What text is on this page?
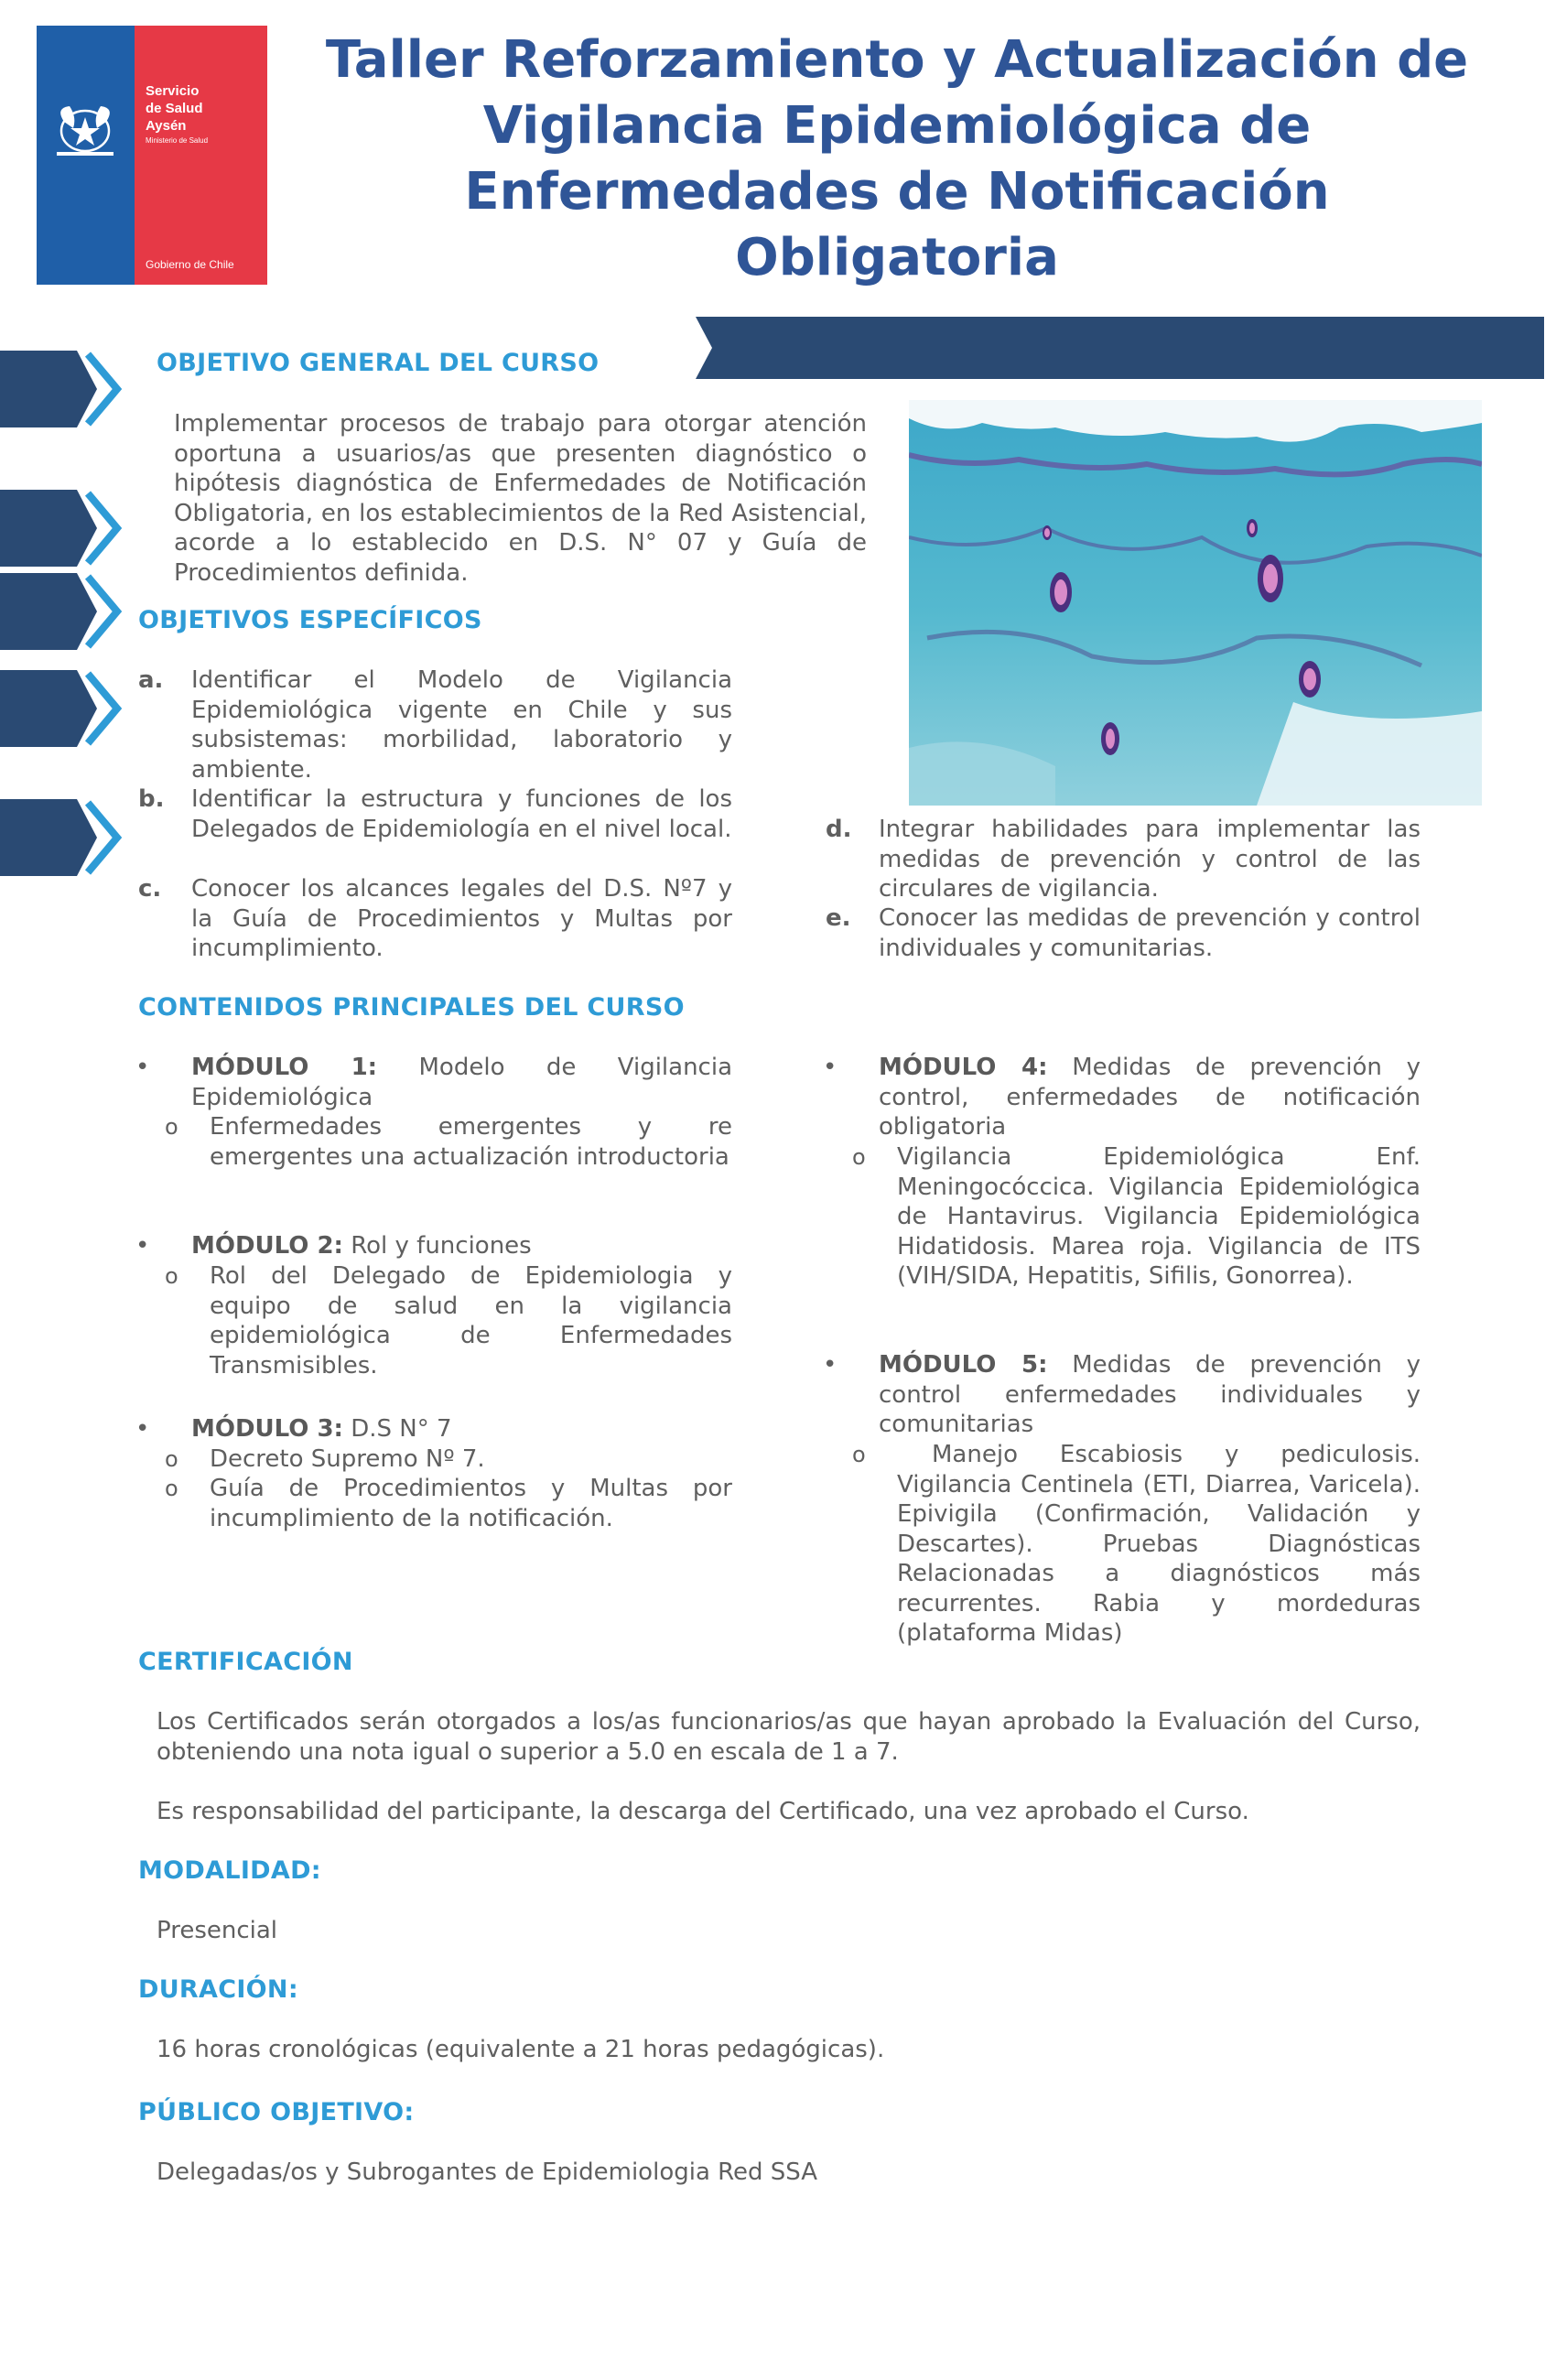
Servicio
de Salud
Aysén
Ministerio de Salud
Gobierno de Chile
Taller Reforzamiento y Actualización de
Vigilancia Epidemiológica de
Enfermedades de Notificación
Obligatoria
OBJETIVO GENERAL DEL CURSO
Implementar procesos de trabajo para otorgar atención oportuna a usuarios/as que presenten diagnóstico o hipótesis diagnóstica de Enfermedades de Notificación Obligatoria, en los establecimientos de la Red Asistencial, acorde a lo establecido en D.S. N° 07 y Guía de Procedimientos definida.
OBJETIVOS ESPECÍFICOS
a. Identificar el Modelo de Vigilancia Epidemiológica vigente en Chile y sus subsistemas: morbilidad, laboratorio y ambiente.
b. Identificar la estructura y funciones de los Delegados de Epidemiología en el nivel local.
c. Conocer los alcances legales del D.S. Nº7 y la Guía de Procedimientos y Multas por incumplimiento.
d. Integrar habilidades para implementar las medidas de prevención y control de las circulares de vigilancia.
e. Conocer las medidas de prevención y control individuales y comunitarias.
CONTENIDOS PRINCIPALES DEL CURSO
• MÓDULO 1: Modelo de Vigilancia Epidemiológica
o Enfermedades emergentes y re emergentes una actualización introductoria
• MÓDULO 2: Rol y funciones
o Rol del Delegado de Epidemiologia y equipo de salud en la vigilancia epidemiológica de Enfermedades Transmisibles.
• MÓDULO 3: D.S N° 7
o Decreto Supremo Nº 7.
o Guía de Procedimientos y Multas por incumplimiento de la notificación.
• MÓDULO 4: Medidas de prevención y control, enfermedades de notificación obligatoria
o Vigilancia Epidemiológica Enf. Meningocóccica. Vigilancia Epidemiológica de Hantavirus. Vigilancia Epidemiológica Hidatidosis. Marea roja. Vigilancia de ITS (VIH/SIDA, Hepatitis, Sifilis, Gonorrea).
• MÓDULO 5: Medidas de prevención y control enfermedades individuales y comunitarias
o	Manejo Escabiosis y pediculosis. Vigilancia Centinela (ETI, Diarrea, Varicela). Epivigila (Confirmación, Validación y Descartes). Pruebas Diagnósticas Relacionadas a diagnósticos más recurrentes. Rabia y mordeduras (plataforma Midas)
CERTIFICACIÓN
Los Certificados serán otorgados a los/as funcionarios/as que hayan aprobado la Evaluación del Curso, obteniendo una nota igual o superior a 5.0 en escala de 1 a 7.
Es responsabilidad del participante, la descarga del Certificado, una vez aprobado el Curso.
MODALIDAD:
Presencial
DURACIÓN:
16 horas cronológicas (equivalente a 21 horas pedagógicas).
PÚBLICO OBJETIVO:
Delegadas/os y Subrogantes de Epidemiologia Red SSA
